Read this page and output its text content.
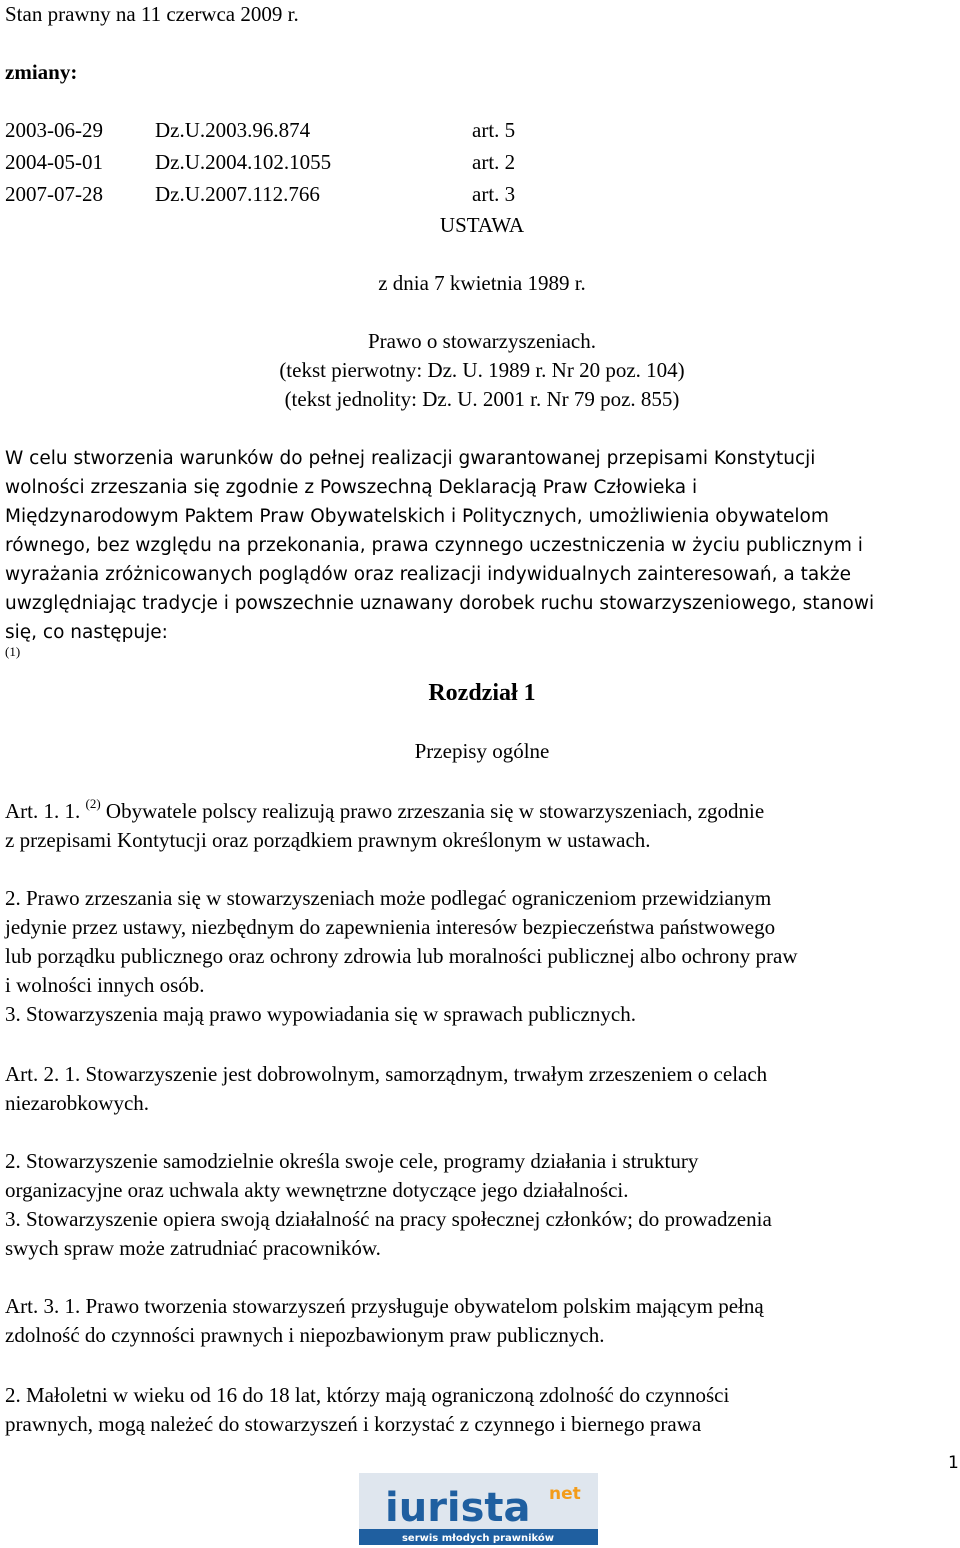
Stan prawny na 11 czerwca 2009 r.
zmiany:
2003-06-29 Dz.U.2003.96.874	art. 5
2004-05-01 Dz.U.2004.102.1055	art. 2
2007-07-28 Dz.U.2007.112.766	art. 3
USTAWA
z dnia 7 kwietnia 1989 r.
Prawo o stowarzyszeniach.
(tekst pierwotny: Dz. U. 1989 r. Nr 20 poz. 104)
(tekst jednolity: Dz. U. 2001 r. Nr 79 poz. 855)
W celu stworzenia warunków do pełnej realizacji gwarantowanej przepisami Konstytucji
wolności zrzeszania się zgodnie z Powszechną Deklaracją Praw Człowieka i
Międzynarodowym Paktem Praw Obywatelskich i Politycznych, umożliwienia obywatelom
równego, bez względu na przekonania, prawa czynnego uczestniczenia w życiu publicznym i
wyrażania zróżnicowanych poglądów oraz realizacji indywidualnych zainteresowań, a także
uwzględniając tradycje i powszechnie uznawany dorobek ruchu stowarzyszeniowego, stanowi
się, co następuje:
(1)
Rozdział 1
Przepisy ogólne
Art. 1. 1. $^{(2)}$ Obywatele polscy realizują prawo zrzeszania się w stowarzyszeniach, zgodnie
z przepisami Kontytucji oraz porządkiem prawnym określonym w ustawach.
2. Prawo zrzeszania się w stowarzyszeniach może podlegać ograniczeniom przewidzianym
jedynie przez ustawy, niezbędnym do zapewnienia interesów bezpieczeństwa państwowego
lub porządku publicznego oraz ochrony zdrowia lub moralności publicznej albo ochrony praw
i wolności innych osób.
3. Stowarzyszenia mają prawo wypowiadania się w sprawach publicznych.
Art. 2. 1. Stowarzyszenie jest dobrowolnym, samorządnym, trwałym zrzeszeniem o celach
niezarobkowych.
2. Stowarzyszenie samodzielnie określa swoje cele, programy działania i struktury
organizacyjne oraz uchwala akty wewnętrzne dotyczące jego działalności.
3. Stowarzyszenie opiera swoją działalność na pracy społecznej członków; do prowadzenia
swych spraw może zatrudniać pracowników.
Art. 3. 1. Prawo tworzenia stowarzyszeń przysługuje obywatelom polskim mającym pełną
zdolność do czynności prawnych i niepozbawionym praw publicznych.
2. Małoletni w wieku od 16 do 18 lat, którzy mają ograniczoną zdolność do czynności
prawnych, mogą należeć do stowarzyszeń i korzystać z czynnego i biernego prawa
1
iurista net
serwis młodych prawników
